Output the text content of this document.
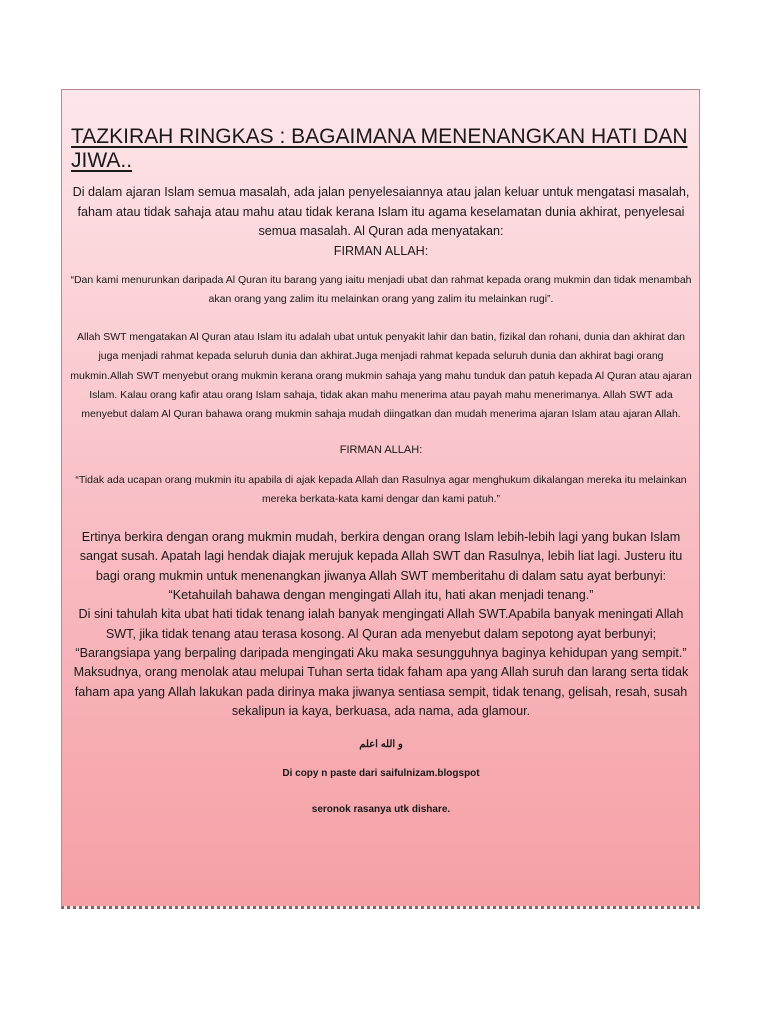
TAZKIRAH RINGKAS : BAGAIMANA MENENANGKAN HATI DAN JIWA..

Di dalam ajaran Islam semua masalah, ada jalan penyelesaiannya atau jalan keluar untuk mengatasi masalah, faham atau tidak sahaja atau mahu atau tidak kerana Islam itu agama keselamatan dunia akhirat, penyelesai semua masalah. Al Quran ada menyatakan:

FIRMAN ALLAH:

“Dan kami menurunkan daripada Al Quran itu barang yang iaitu menjadi ubat dan rahmat kepada orang mukmin dan tidak menambah akan orang yang zalim itu melainkan orang yang zalim itu melainkan rugi”.

Allah SWT mengatakan Al Quran atau Islam itu adalah ubat untuk penyakit lahir dan batin, fizikal dan rohani, dunia dan akhirat dan juga menjadi rahmat kepada seluruh dunia dan akhirat.Juga menjadi rahmat kepada seluruh dunia dan akhirat bagi orang mukmin.Allah SWT menyebut orang mukmin kerana orang mukmin sahaja yang mahu tunduk dan patuh kepada Al Quran atau ajaran Islam. Kalau orang kafir atau orang Islam sahaja, tidak akan mahu menerima atau payah mahu menerimanya. Allah SWT ada menyebut dalam Al Quran bahawa orang mukmin sahaja mudah diingatkan dan mudah menerima ajaran Islam atau ajaran Allah.

FIRMAN ALLAH:

“Tidak ada ucapan orang mukmin itu apabila di ajak kepada Allah dan Rasulnya agar menghukum dikalangan mereka itu melainkan mereka berkata-kata kami dengar dan kami patuh.”

Ertinya berkira dengan orang mukmin mudah, berkira dengan orang Islam lebih-lebih lagi yang bukan Islam sangat susah. Apatah lagi hendak diajak merujuk kepada Allah SWT dan Rasulnya, lebih liat lagi. Justeru itu bagi orang mukmin untuk menenangkan jiwanya Allah SWT memberitahu di dalam satu ayat berbunyi:
“Ketahuilah bahawa dengan mengingati Allah itu, hati akan menjadi tenang.”
Di sini tahulah kita ubat hati tidak tenang ialah banyak mengingati Allah SWT.Apabila banyak meningati Allah SWT, jika tidak tenang atau terasa kosong. Al Quran ada menyebut dalam sepotong ayat berbunyi;
“Barangsiapa yang berpaling daripada mengingati Aku maka sesungguhnya baginya kehidupan yang sempit.”
Maksudnya, orang menolak atau melupai Tuhan serta tidak faham apa yang Allah suruh dan larang serta tidak faham apa yang Allah lakukan pada dirinya maka jiwanya sentiasa sempit, tidak tenang, gelisah, resah, susah sekalipun ia kaya, berkuasa, ada nama, ada glamour.

و الله اعلم

Di copy n paste dari saifulnizam.blogspot

seronok rasanya utk dishare.
